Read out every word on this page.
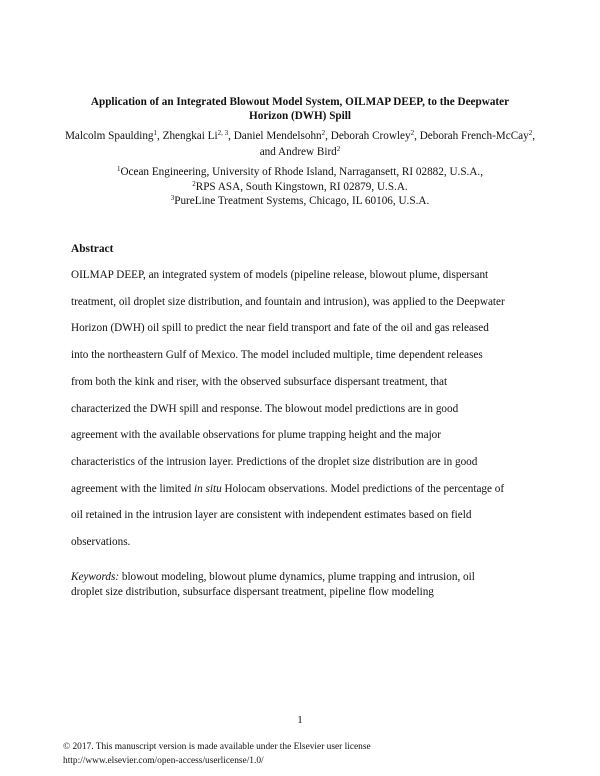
Application of an Integrated Blowout Model System, OILMAP DEEP, to the Deepwater
Horizon (DWH) Spill
Malcolm Spaulding$^1$, Zhengkai Li$^{2, 3}$, Daniel Mendelsohn$^2$, Deborah Crowley$^2$, Deborah French-McCay$^2$, and Andrew Bird$^2$
$^1$Ocean Engineering, University of Rhode Island, Narragansett, RI 02882, U.S.A.,
$^2$RPS ASA, South Kingstown, RI 02879, U.S.A.
$^3$PureLine Treatment Systems, Chicago, IL 60106, U.S.A.
Abstract
OILMAP DEEP, an integrated system of models (pipeline release, blowout plume, dispersant
treatment, oil droplet size distribution, and fountain and intrusion), was applied to the Deepwater
Horizon (DWH) oil spill to predict the near field transport and fate of the oil and gas released
into the northeastern Gulf of Mexico. The model included multiple, time dependent releases
from both the kink and riser, with the observed subsurface dispersant treatment, that
characterized the DWH spill and response. The blowout model predictions are in good
agreement with the available observations for plume trapping height and the major
characteristics of the intrusion layer. Predictions of the droplet size distribution are in good
agreement with the limited in situ Holocam observations. Model predictions of the percentage of
oil retained in the intrusion layer are consistent with independent estimates based on field
observations.
Keywords: blowout modeling, blowout plume dynamics, plume trapping and intrusion, oil
droplet size distribution, subsurface dispersant treatment, pipeline flow modeling
1
© 2017. This manuscript version is made available under the Elsevier user license
http://www.elsevier.com/open-access/userlicense/1.0/
